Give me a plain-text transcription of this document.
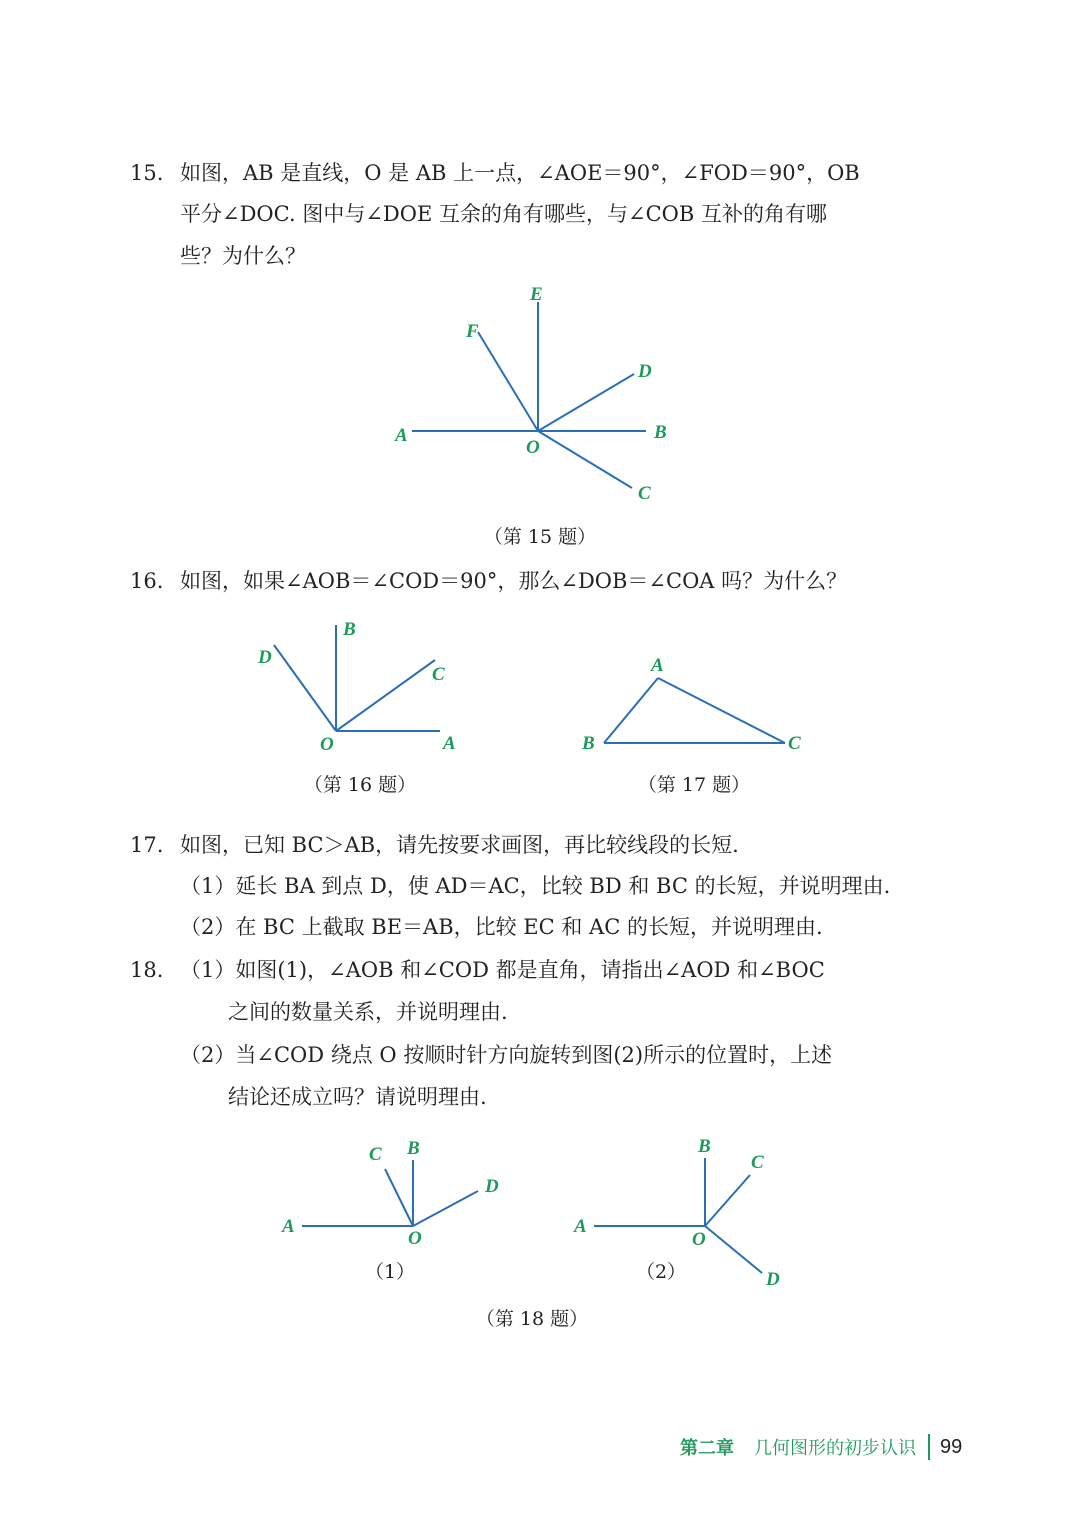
15. 如图，AB 是直线，O 是 AB 上一点，∠AOE＝90°，∠FOD＝90°，OB
平分∠DOC. 图中与∠DOE 互余的角有哪些，与∠COB 互补的角有哪
些？为什么？
E
F
D
A
O
B
C
（第 15 题）
16. 如图，如果∠AOB＝∠COD＝90°，那么∠DOB＝∠COA 吗？为什么？
B
D
C
O	A
（第 16 题）
A
B	C
（第 17 题）
17. 如图，已知 BC＞AB，请先按要求画图，再比较线段的长短.
（1）延长 BA 到点 D，使 AD＝AC，比较 BD 和 BC 的长短，并说明理由.
（2）在 BC 上截取 BE＝AB，比较 EC 和 AC 的长短，并说明理由.
18. （1）如图(1)，∠AOB 和∠COD 都是直角，请指出∠AOD 和∠BOC
之间的数量关系，并说明理由.
（2）当∠COD 绕点 O 按顺时针方向旋转到图(2)所示的位置时，上述
结论还成立吗？请说明理由.
C B
D
A
O
（1）
B
C
A
O
D
（2）
（第 18 题）
第二章 几何图形的初步认识 99
